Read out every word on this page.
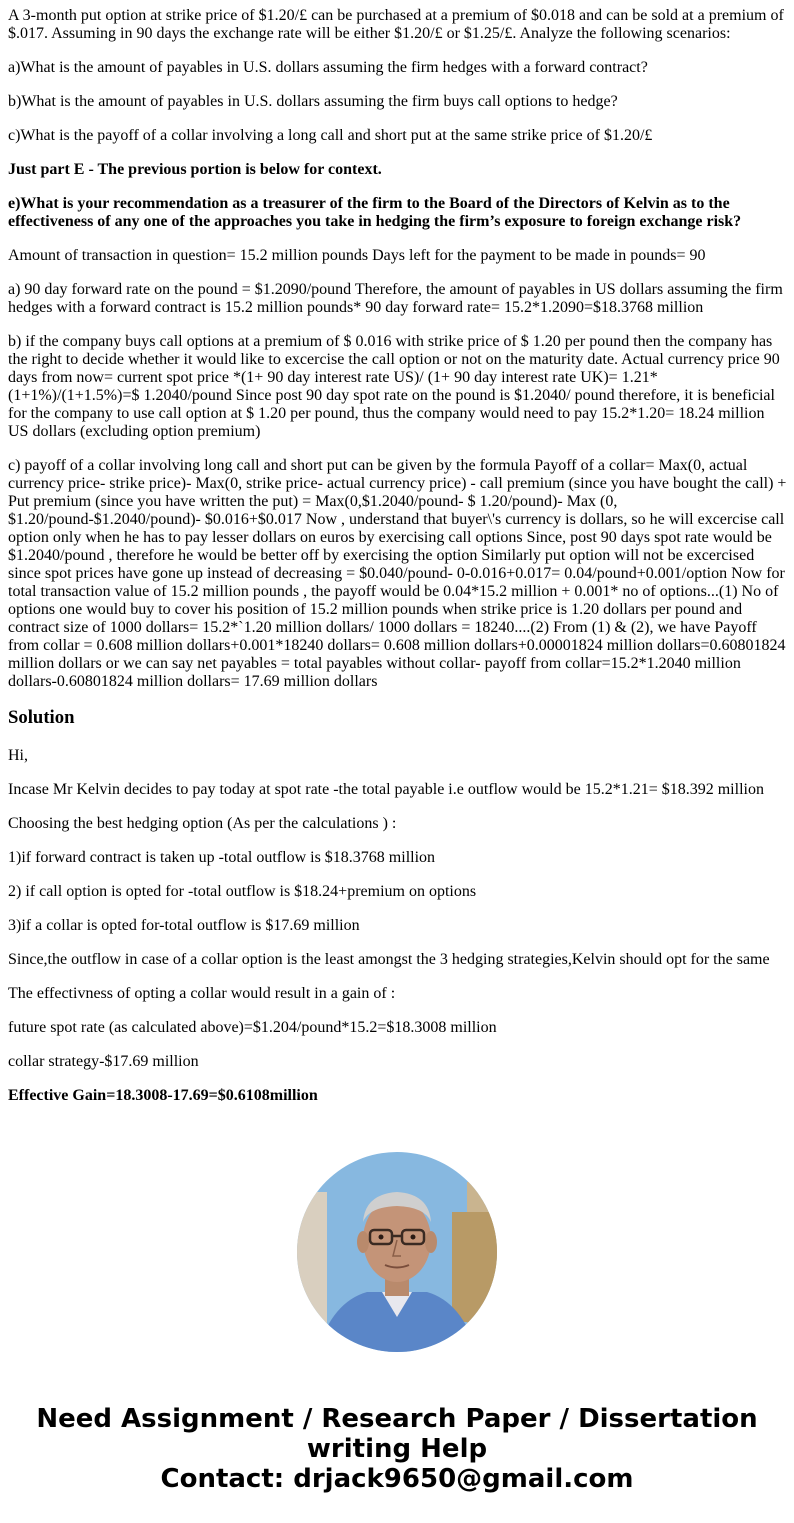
A 3-month put option at strike price of $1.20/£ can be purchased at a premium of $0.018 and can be sold at a premium of $.017. Assuming in 90 days the exchange rate will be either $1.20/£ or $1.25/£. Analyze the following scenarios:
a)What is the amount of payables in U.S. dollars assuming the firm hedges with a forward contract?
b)What is the amount of payables in U.S. dollars assuming the firm buys call options to hedge?
c)What is the payoff of a collar involving a long call and short put at the same strike price of $1.20/£
Just part E - The previous portion is below for context.
e)What is your recommendation as a treasurer of the firm to the Board of the Directors of Kelvin as to the effectiveness of any one of the approaches you take in hedging the firm’s exposure to foreign exchange risk?
Amount of transaction in question= 15.2 million pounds Days left for the payment to be made in pounds= 90
a) 90 day forward rate on the pound = $1.2090/pound Therefore, the amount of payables in US dollars assuming the firm hedges with a forward contract is 15.2 million pounds* 90 day forward rate= 15.2*1.2090=$18.3768 million
b) if the company buys call options at a premium of $ 0.016 with strike price of $ 1.20 per pound then the company has the right to decide whether it would like to excercise the call option or not on the maturity date. Actual currency price 90 days from now= current spot price *(1+ 90 day interest rate US)/ (1+ 90 day interest rate UK)= 1.21*(1+1%)/(1+1.5%)=$ 1.2040/pound Since post 90 day spot rate on the pound is $1.2040/ pound therefore, it is beneficial for the company to use call option at $ 1.20 per pound, thus the company would need to pay 15.2*1.20= 18.24 million US dollars (excluding option premium)
c) payoff of a collar involving long call and short put can be given by the formula Payoff of a collar= Max(0, actual currency price- strike price)- Max(0, strike price- actual currency price) - call premium (since you have bought the call) + Put premium (since you have written the put) = Max(0,$1.2040/pound- $ 1.20/pound)- Max (0, $1.20/pound-$1.2040/pound)- $0.016+$0.017 Now , understand that buyer\'s currency is dollars, so he will excercise call option only when he has to pay lesser dollars on euros by exercising call options Since, post 90 days spot rate would be $1.2040/pound , therefore he would be better off by exercising the option Similarly put option will not be excercised since spot prices have gone up instead of decreasing = $0.040/pound- 0-0.016+0.017= 0.04/pound+0.001/option Now for total transaction value of 15.2 million pounds , the payoff would be 0.04*15.2 million + 0.001* no of options...(1) No of options one would buy to cover his position of 15.2 million pounds when strike price is 1.20 dollars per pound and contract size of 1000 dollars= 15.2*`1.20 million dollars/ 1000 dollars = 18240....(2) From (1) & (2), we have Payoff from collar = 0.608 million dollars+0.001*18240 dollars= 0.608 million dollars+0.00001824 million dollars=0.60801824 million dollars or we can say net payables = total payables without collar- payoff from collar=15.2*1.2040 million dollars-0.60801824 million dollars= 17.69 million dollars
Solution
Hi,
Incase Mr Kelvin decides to pay today at spot rate -the total payable i.e outflow would be 15.2*1.21= $18.392 million
Choosing the best hedging option (As per the calculations ) :
1)if forward contract is taken up -total outflow is $18.3768 million
2) if call option is opted for -total outflow is $18.24+premium on options
3)if a collar is opted for-total outflow is $17.69 million
Since,the outflow in case of a collar option is the least amongst the 3 hedging strategies,Kelvin should opt for the same
The effectivness of opting a collar would result in a gain of :
future spot rate (as calculated above)=$1.204/pound*15.2=$18.3008 million
collar strategy-$17.69 million
Effective Gain=18.3008-17.69=$0.6108million
Need Assignment / Research Paper / Dissertation
writing Help
Contact: drjack9650@gmail.com
